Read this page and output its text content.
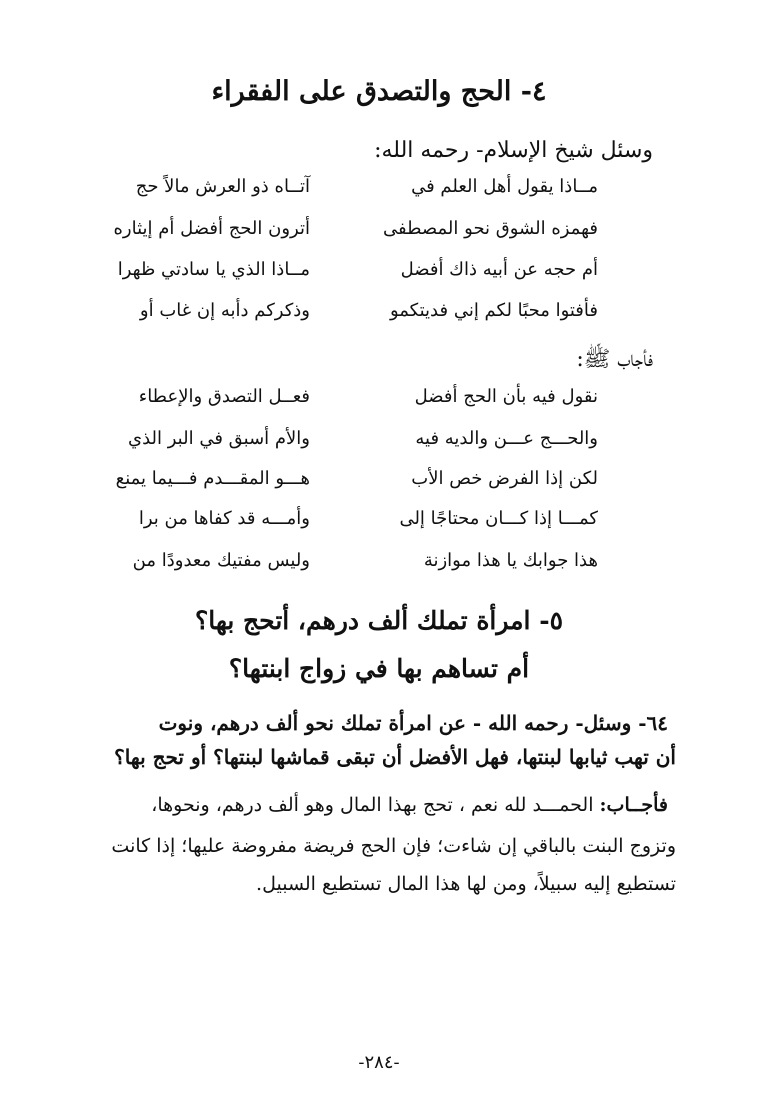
٤- الحج والتصدق على الفقراء
وسئل شيخ الإسلام- رحمه الله:
مــاذا يقول أهل العلم في
آتــاه ذو العرش مالاً حج
فهمزه الشوق نحو المصطفى
أترون الحج أفضل أم إيثاره
أم حجه عن أبيه ذاك أفضل
مــاذا الذي يا سادتي ظهرا
فأفتوا محبًا لكم إني فديتكمو
وذكركم دأبه إن غاب أو
فأجاب ﷺ:
نقول فيه بأن الحج أفضل
فعــل التصدق والإعطاء
والحـــج عـــن والديه فيه
والأم أسبق في البر الذي
لكن إذا الفرض خص الأب
هـــو المقـــدم فـــيما يمنع
كمـــا إذا كـــان محتاجًا إلى
وأمـــه قد كفاها من برا
هذا جوابك يا هذا موازنة
وليس مفتيك معدودًا من
٥- امرأة تملك ألف درهم، أتحج بها؟
أم تساهم بها في زواج ابنتها؟
٦٤- وسئل- رحمه الله - عن امرأة تملك نحو ألف درهم، ونوت
أن تهب ثيابها لبنتها، فهل الأفضل أن تبقى قماشها لبنتها؟ أو تحج بها؟
فأجــاب: الحمـــد لله نعم ، تحج بهذا المال وهو ألف درهم، ونحوها،
وتزوج البنت بالباقي إن شاءت؛ فإن الحج فريضة مفروضة عليها؛ إذا كانت
تستطيع إليه سبيلاً، ومن لها هذا المال تستطيع السبيل.
-٢٨٤-
